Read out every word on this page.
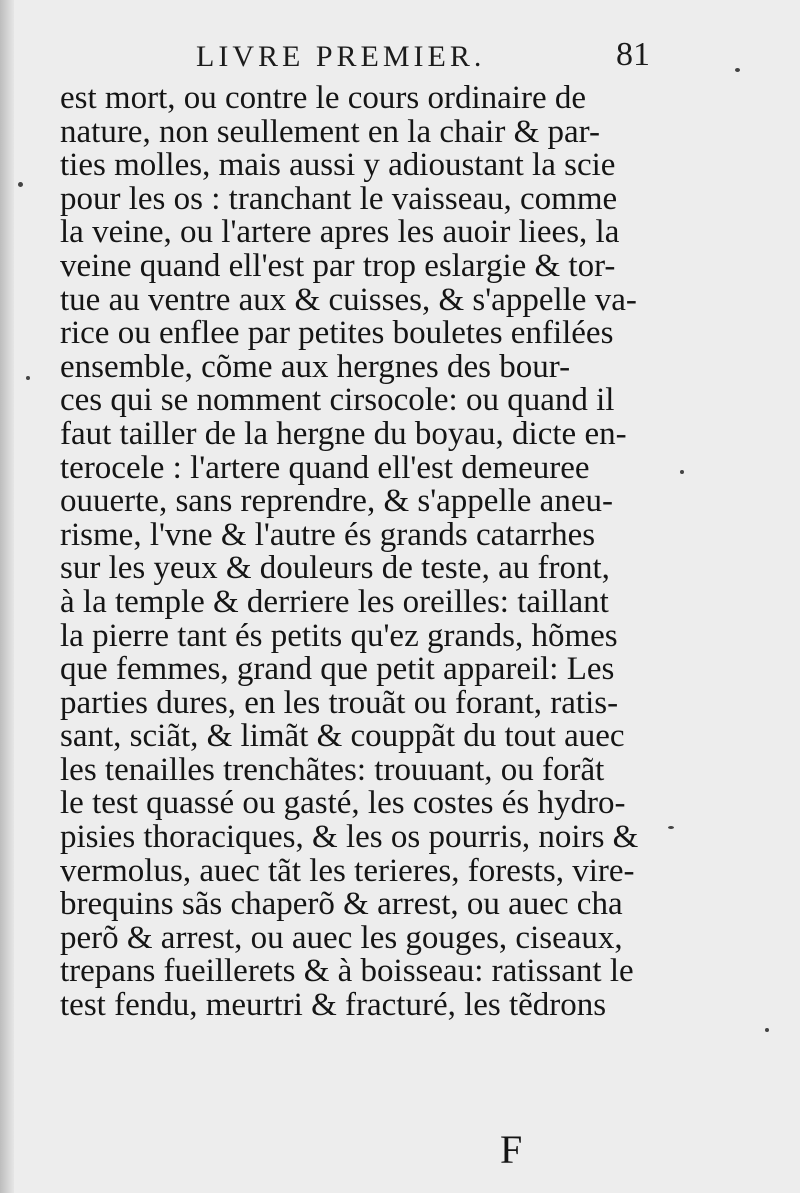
LIVRE PREMIER.	81
est mort, ou contre le cours ordinaire de
nature, non seullement en la chair & par-
ties molles, mais aussi y adioustant la scie
pour les os : tranchant le vaisseau, comme
la veine, ou l'artere apres les auoir liees, la
veine quand ell'est par trop eslargie & tor-
tue au ventre aux & cuisses, & s'appelle va-
rice ou enflee par petites bouletes enfilées
ensemble, cõme aux hergnes des bour-
ces qui se nomment cirsocole: ou quand il
faut tailler de la hergne du boyau, dicte en-
terocele : l'artere quand ell'est demeuree
ouuerte, sans reprendre, & s'appelle aneu-
risme, l'vne & l'autre és grands catarrhes
sur les yeux & douleurs de teste, au front,
à la temple & derriere les oreilles: taillant
la pierre tant és petits qu'ez grands, hõmes
que femmes, grand que petit appareil: Les
parties dures, en les trouãt ou forant, ratis-
sant, sciãt, & limãt & couppãt du tout auec
les tenailles trenchãtes: trouuant, ou forãt
le test quassé ou gasté, les costes és hydro-
pisies thoraciques, & les os pourris, noirs &
vermolus, auec tãt les terieres, forests, vire-
brequins sãs chaperõ & arrest, ou auec cha
perõ & arrest, ou auec les gouges, ciseaux,
trepans fueillerets & à boisseau: ratissant le
test fendu, meurtri & fracturé, les tẽdrons
F
